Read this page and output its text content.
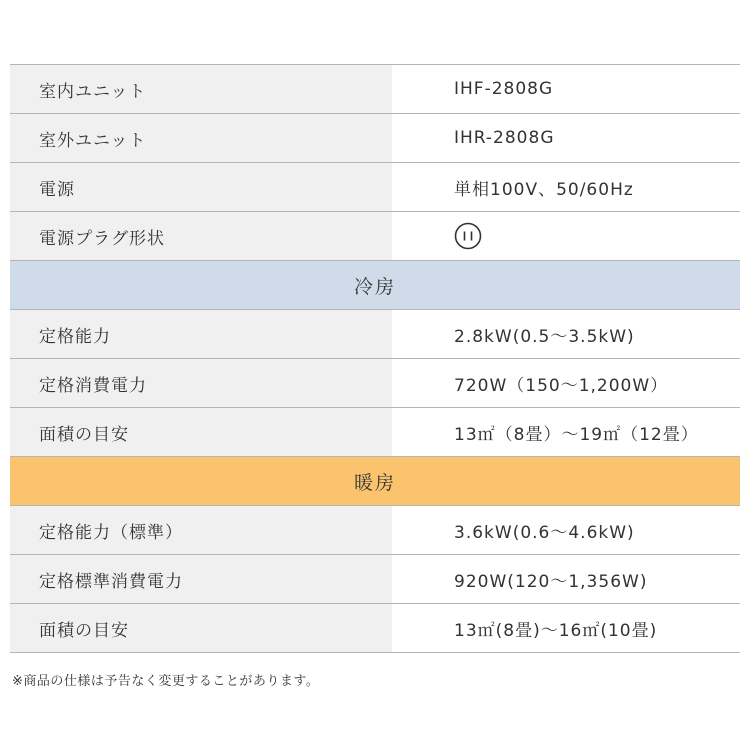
室内ユニット	IHF-2808G
室外ユニット	IHR-2808G
電源	単相100V、50/60Hz
電源プラグ形状
冷房
定格能力	2.8kW(0.5～3.5kW)
定格消費電力	720W（150～1,200W）
面積の目安	13㎡（8畳）～19㎡（12畳）
暖房
定格能力（標準）	3.6kW(0.6～4.6kW)
定格標準消費電力	920W(120～1,356W)
面積の目安	13㎡(8畳)～16㎡(10畳)
※商品の仕様は予告なく変更することがあります。
